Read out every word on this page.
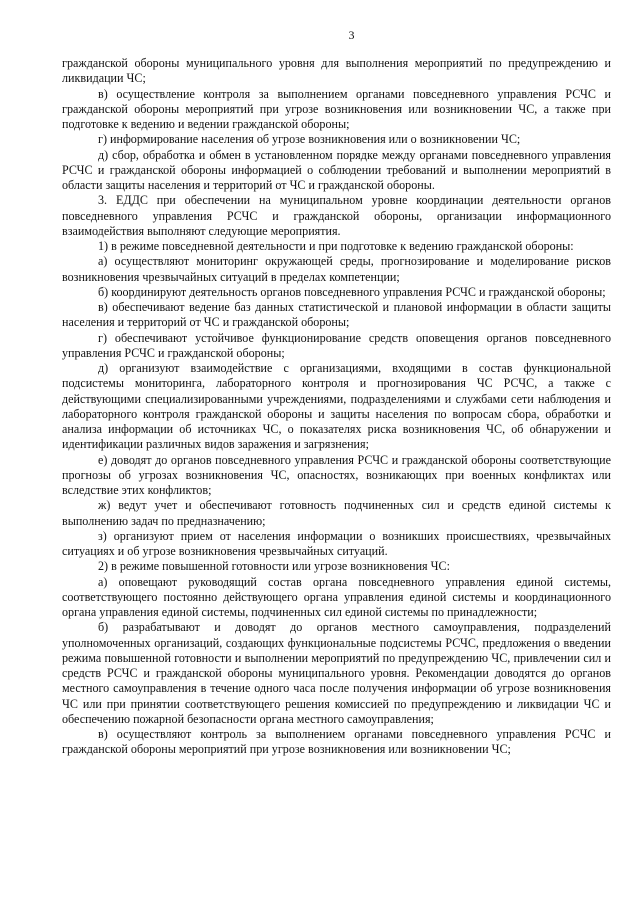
3

гражданской обороны муниципального уровня для выполнения мероприятий по предупреждению и ликвидации ЧС;

в) осуществление контроля за выполнением органами повседневного управления РСЧС и гражданской обороны мероприятий при угрозе возникновения или возникновении ЧС, а также при подготовке к ведению и ведении гражданской обороны;

г) информирование населения об угрозе возникновения или о возникновении ЧС;

д) сбор, обработка и обмен в установленном порядке между органами повседневного управления РСЧС и гражданской обороны информацией о соблюдении требований и выполнении мероприятий в области защиты населения и территорий от ЧС и гражданской обороны.

3. ЕДДС при обеспечении на муниципальном уровне координации деятельности органов повседневного управления РСЧС и гражданской обороны, организации информационного взаимодействия выполняют следующие мероприятия.

1) в режиме повседневной деятельности и при подготовке к ведению гражданской обороны:

а) осуществляют мониторинг окружающей среды, прогнозирование и моделирование рисков возникновения чрезвычайных ситуаций в пределах компетенции;

б) координируют деятельность органов повседневного управления РСЧС и гражданской обороны;

в) обеспечивают ведение баз данных статистической и плановой информации в области защиты населения и территорий от ЧС и гражданской обороны;

г) обеспечивают устойчивое функционирование средств оповещения органов повседневного управления РСЧС и гражданской обороны;

д) организуют взаимодействие с организациями, входящими в состав функциональной подсистемы мониторинга, лабораторного контроля и прогнозирования ЧС РСЧС, а также с действующими специализированными учреждениями, подразделениями и службами сети наблюдения и лабораторного контроля гражданской обороны и защиты населения по вопросам сбора, обработки и анализа информации об источниках ЧС, о показателях риска возникновения ЧС, об обнаружении и идентификации различных видов заражения и загрязнения;

е) доводят до органов повседневного управления РСЧС и гражданской обороны соответствующие прогнозы об угрозах возникновения ЧС, опасностях, возникающих при военных конфликтах или вследствие этих конфликтов;

ж) ведут учет и обеспечивают готовность подчиненных сил и средств единой системы к выполнению задач по предназначению;

з) организуют прием от населения информации о возникших происшествиях, чрезвычайных ситуациях и об угрозе возникновения чрезвычайных ситуаций.

2) в режиме повышенной готовности или угрозе возникновения ЧС:

а) оповещают руководящий состав органа повседневного управления единой системы, соответствующего постоянно действующего органа управления единой системы и координационного органа управления единой системы, подчиненных сил единой системы по принадлежности;

б) разрабатывают и доводят до органов местного самоуправления, подразделений уполномоченных организаций, создающих функциональные подсистемы РСЧС, предложения о введении режима повышенной готовности и выполнении мероприятий по предупреждению ЧС, привлечении сил и средств РСЧС и гражданской обороны муниципального уровня. Рекомендации доводятся до органов местного самоуправления в течение одного часа после получения информации об угрозе возникновения ЧС или при принятии соответствующего решения комиссией по предупреждению и ликвидации ЧС и обеспечению пожарной безопасности органа местного самоуправления;

в) осуществляют контроль за выполнением органами повседневного управления РСЧС и гражданской обороны мероприятий при угрозе возникновения или возникновении ЧС;
